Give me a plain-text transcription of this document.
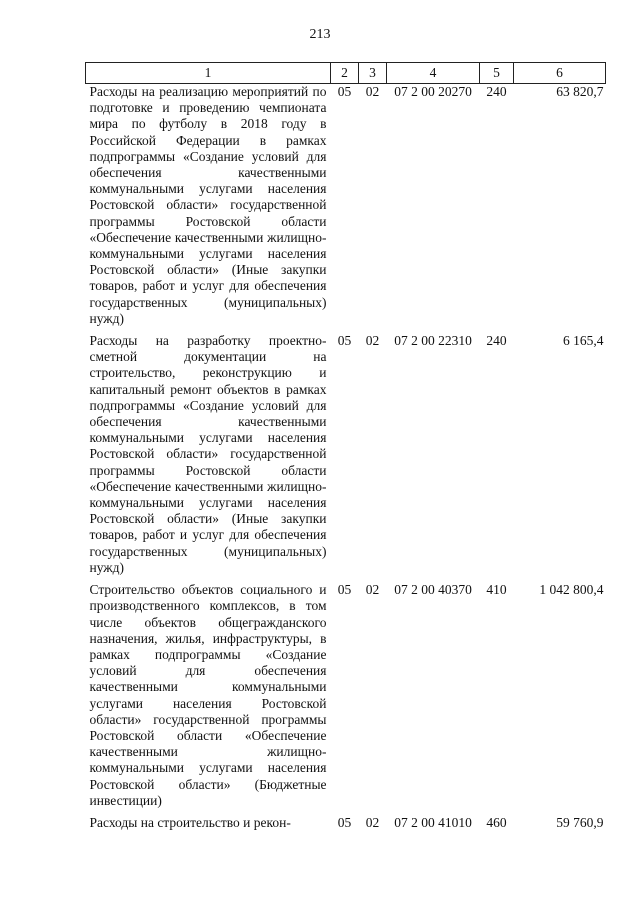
213
1	2	3	4	5	6
Расходы на реализацию мероприятий по подготовке и проведению чемпионата мира по футболу в 2018 году в Российской Федерации в рамках подпрограммы «Создание условий для обеспечения качественными коммунальными услугами населения Ростовской области» государственной программы Ростовской области «Обеспечение качественными жилищно-коммунальными услугами населения Ростовской области» (Иные закупки товаров, работ и услуг для обеспечения государственных (муниципальных) нужд)	05	02	07 2 00 20270	240	63 820,7
Расходы на разработку проектно-сметной документации на строительство, реконструкцию и капитальный ремонт объектов в рамках подпрограммы «Создание условий для обеспечения качественными коммунальными услугами населения Ростовской области» государственной программы Ростовской области «Обеспечение качественными жилищно-коммунальными услугами населения Ростовской области» (Иные закупки товаров, работ и услуг для обеспечения государственных (муниципальных) нужд)	05	02	07 2 00 22310	240	6 165,4
Строительство объектов социального и производственного комплексов, в том числе объектов общегражданского назначения, жилья, инфраструктуры, в рамках подпрограммы «Создание условий для обеспечения качественными коммунальными услугами населения Ростовской области» государственной программы Ростовской области «Обеспечение качественными жилищно-коммунальными услугами населения Ростовской области» (Бюджетные инвестиции)	05	02	07 2 00 40370	410	1 042 800,4
Расходы на строительство и рекон-	05	02	07 2 00 41010	460	59 760,9
